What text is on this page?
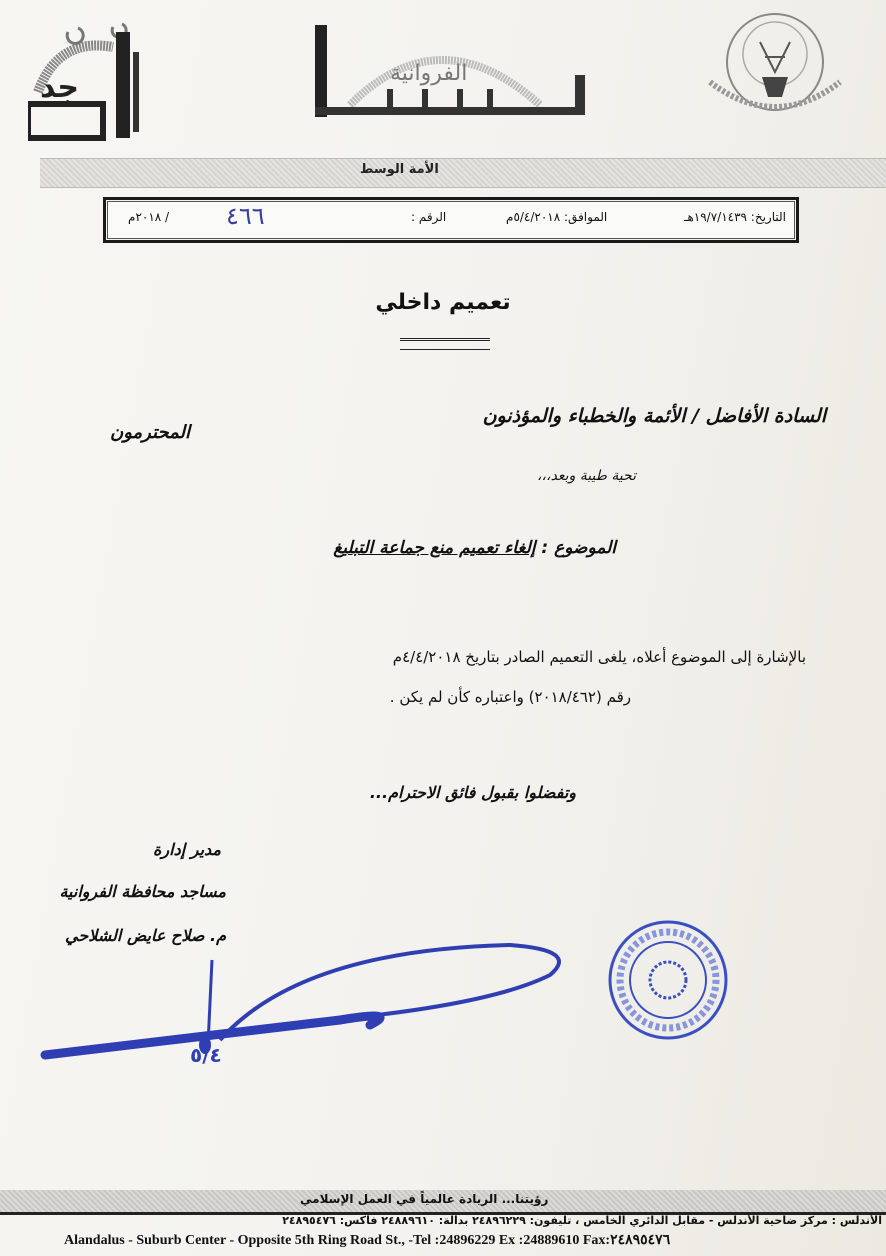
جد	الفروانية
الأمة الوسط
التاريخ: ١٩/٧/١٤٣٩هـ
الموافق: ٥/٤/٢٠١٨م
الرقم :
٤٦٦
/ ٢٠١٨م
تعميم داخلي
السادة الأفاضل / الأئمة والخطباء والمؤذنون
المحترمون
تحية طيبة وبعد،،،
الموضوع : إلغاء تعميم منع جماعة التبليغ
بالإشارة إلى الموضوع أعلاه، يلغى التعميم الصادر بتاريخ ٤/٤/٢٠١٨م
رقم (٢٠١٨/٤٦٢) واعتباره كأن لم يكن .
وتفضلوا بقبول فائق الاحترام...
مدير إدارة
مساجد محافظة الفروانية
م. صلاح عايض الشلاحي
٥/٤
رؤيتنا... الريادة عالمياً في العمل الإسلامي
الأندلس : مركز ضاحية الأندلس - مقابل الدائري الخامس ، تليفون: ٢٤٨٩٦٢٢٩ بدالة: ٢٤٨٨٩٦١٠ فاكس: ٢٤٨٩٥٤٧٦
Alandalus - Suburb Center - Opposite 5th Ring Road St., -Tel :24896229 Ex :24889610 Fax:٢٤٨٩٥٤٧٦
